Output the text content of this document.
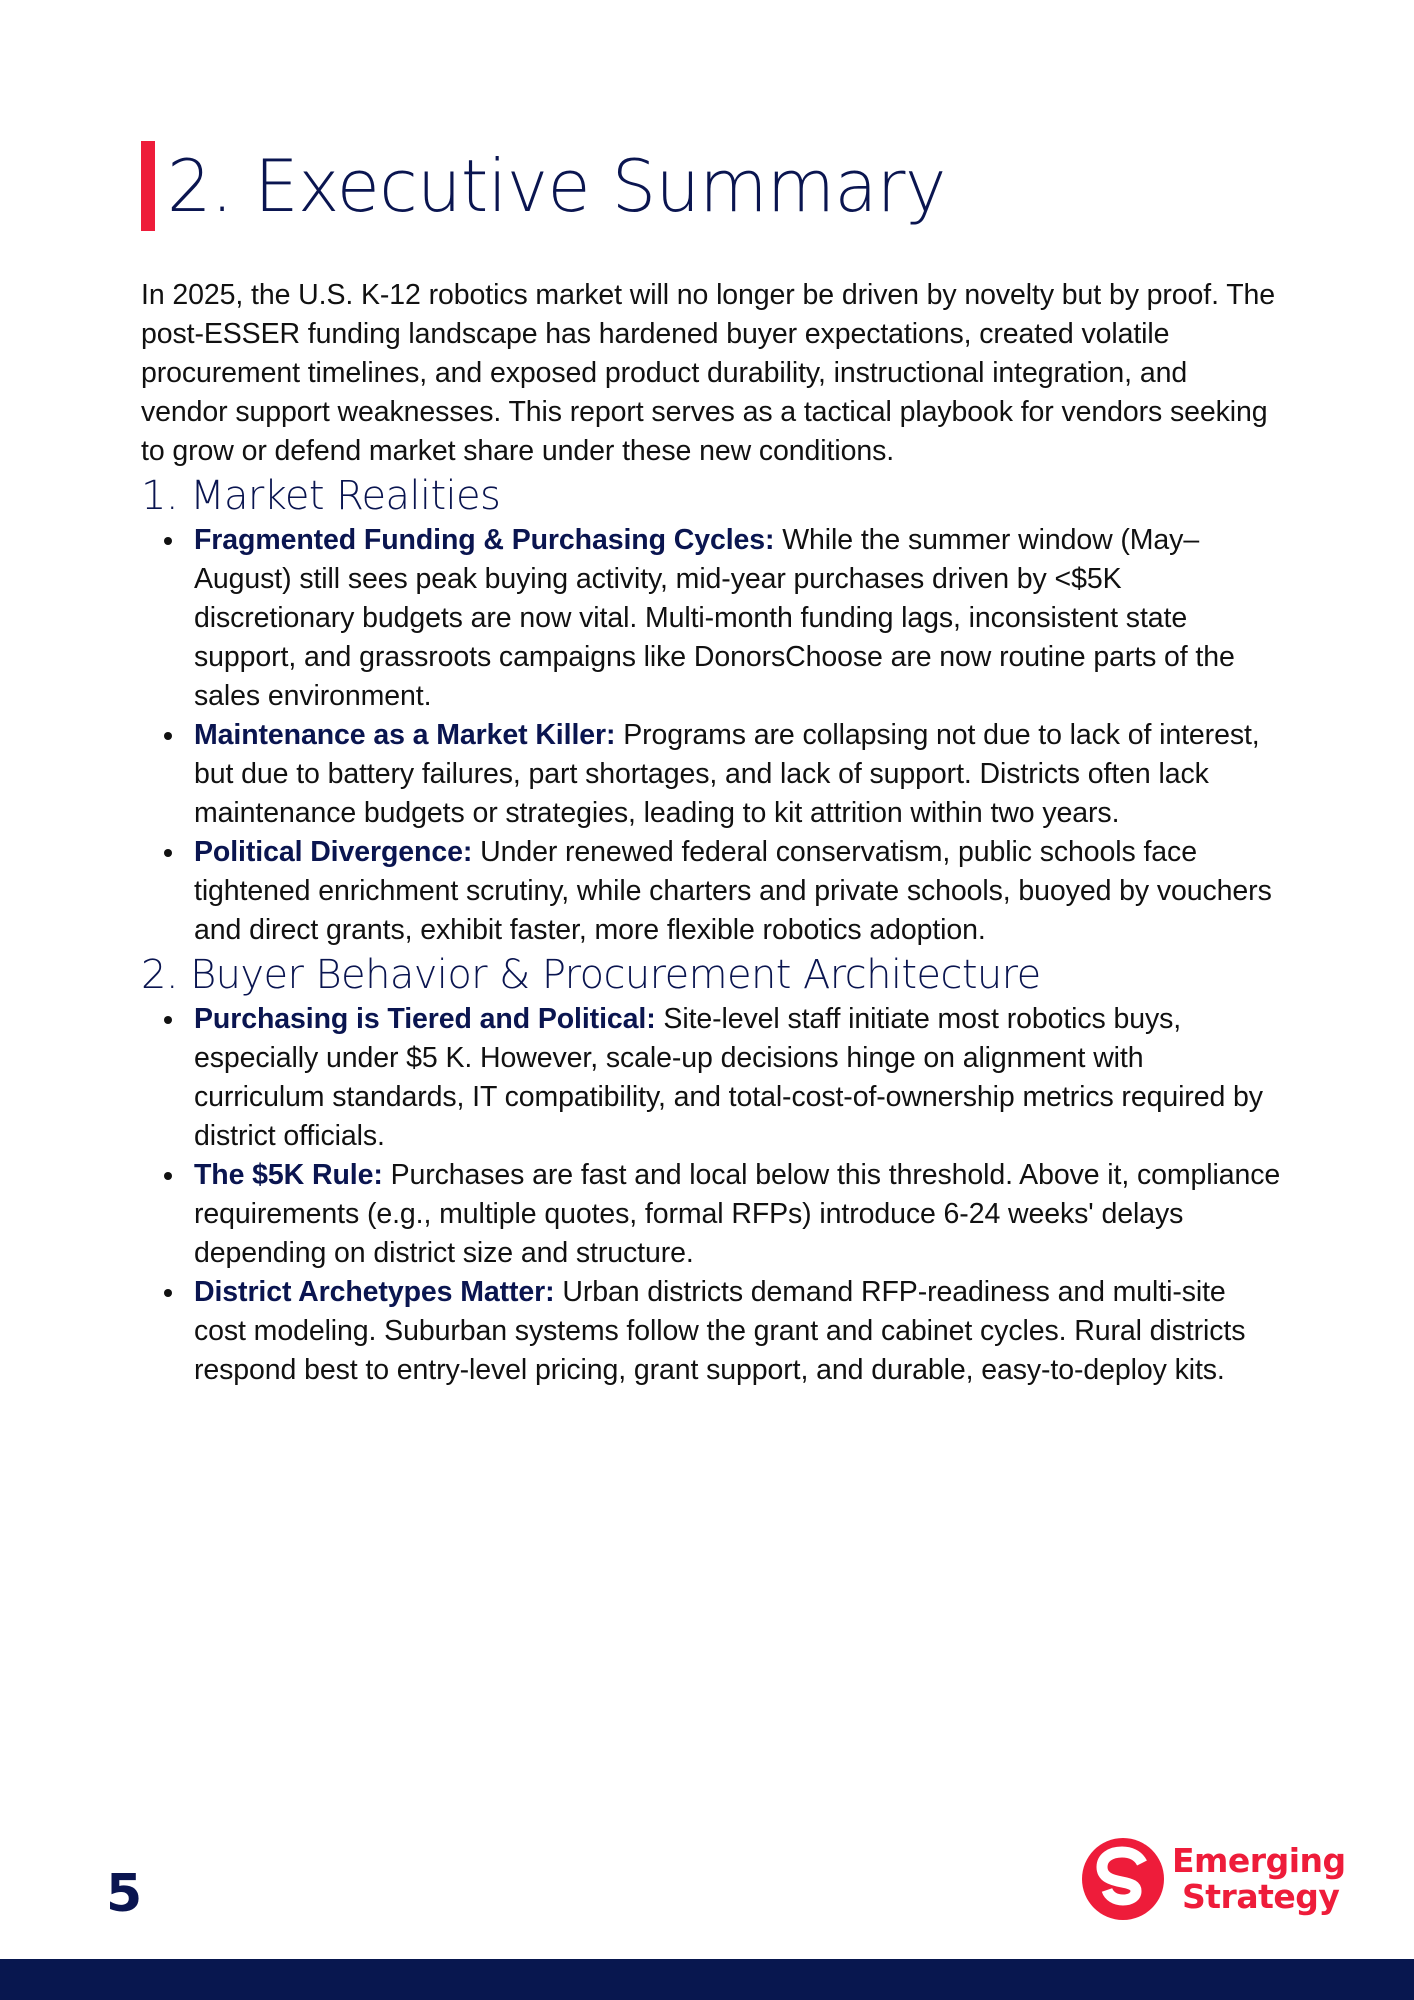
2. Executive Summary

In 2025, the U.S. K-12 robotics market will no longer be driven by novelty but by proof. The post-ESSER funding landscape has hardened buyer expectations, created volatile procurement timelines, and exposed product durability, instructional integration, and vendor support weaknesses. This report serves as a tactical playbook for vendors seeking to grow or defend market share under these new conditions.

1. Market Realities
Fragmented Funding & Purchasing Cycles: While the summer window (May–August) still sees peak buying activity, mid-year purchases driven by <$5K discretionary budgets are now vital. Multi-month funding lags, inconsistent state support, and grassroots campaigns like DonorsChoose are now routine parts of the sales environment.
Maintenance as a Market Killer: Programs are collapsing not due to lack of interest, but due to battery failures, part shortages, and lack of support. Districts often lack maintenance budgets or strategies, leading to kit attrition within two years.
Political Divergence: Under renewed federal conservatism, public schools face tightened enrichment scrutiny, while charters and private schools, buoyed by vouchers and direct grants, exhibit faster, more flexible robotics adoption.
2. Buyer Behavior & Procurement Architecture
Purchasing is Tiered and Political: Site-level staff initiate most robotics buys, especially under $5 K. However, scale-up decisions hinge on alignment with curriculum standards, IT compatibility, and total-cost-of-ownership metrics required by district officials.
The $5K Rule: Purchases are fast and local below this threshold. Above it, compliance requirements (e.g., multiple quotes, formal RFPs) introduce 6-24 weeks' delays depending on district size and structure.
District Archetypes Matter: Urban districts demand RFP-readiness and multi-site cost modeling. Suburban systems follow the grant and cabinet cycles. Rural districts respond best to entry-level pricing, grant support, and durable, easy-to-deploy kits.
5
Emerging
Strategy
